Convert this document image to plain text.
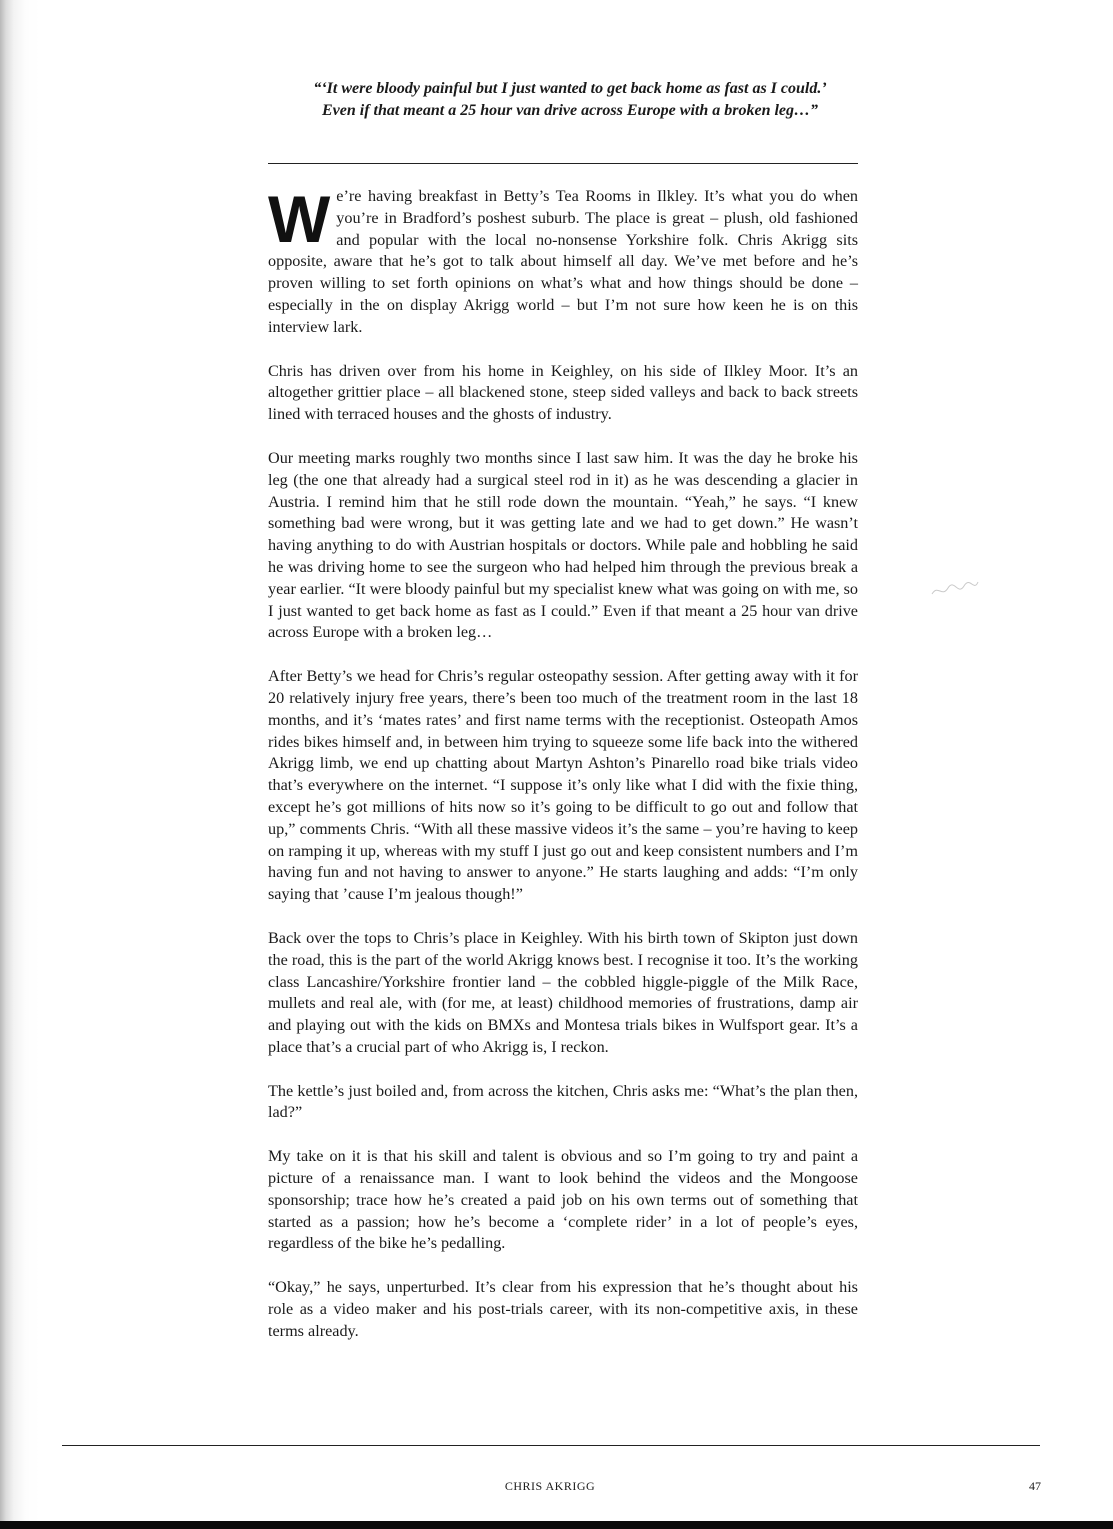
“‘It were bloody painful but I just wanted to get back home as fast as I could.’
Even if that meant a 25 hour van drive across Europe with a broken leg…”

We’re having breakfast in Betty’s Tea Rooms in Ilkley. It’s what you do when you’re in Bradford’s poshest suburb. The place is great – plush, old fashioned and popular with the local no-nonsense Yorkshire folk. Chris Akrigg sits opposite, aware that he’s got to talk about himself all day. We’ve met before and he’s proven willing to set forth opinions on what’s what and how things should be done – especially in the on display Akrigg world – but I’m not sure how keen he is on this interview lark.

Chris has driven over from his home in Keighley, on his side of Ilkley Moor. It’s an altogether grittier place – all blackened stone, steep sided valleys and back to back streets lined with terraced houses and the ghosts of industry.

Our meeting marks roughly two months since I last saw him. It was the day he broke his leg (the one that already had a surgical steel rod in it) as he was descending a glacier in Austria. I remind him that he still rode down the mountain. “Yeah,” he says. “I knew something bad were wrong, but it was getting late and we had to get down.” He wasn’t having anything to do with Austrian hospitals or doctors. While pale and hobbling he said he was driving home to see the surgeon who had helped him through the previous break a year earlier. “It were bloody painful but my specialist knew what was going on with me, so I just wanted to get back home as fast as I could.” Even if that meant a 25 hour van drive across Europe with a broken leg…

After Betty’s we head for Chris’s regular osteopathy session. After getting away with it for 20 relatively injury free years, there’s been too much of the treatment room in the last 18 months, and it’s ‘mates rates’ and first name terms with the receptionist. Osteopath Amos rides bikes himself and, in between him trying to squeeze some life back into the withered Akrigg limb, we end up chatting about Martyn Ashton’s Pinarello road bike trials video that’s everywhere on the internet. “I suppose it’s only like what I did with the fixie thing, except he’s got millions of hits now so it’s going to be difficult to go out and follow that up,” comments Chris. “With all these massive videos it’s the same – you’re having to keep on ramping it up, whereas with my stuff I just go out and keep consistent numbers and I’m having fun and not having to answer to anyone.” He starts laughing and adds: “I’m only saying that ’cause I’m jealous though!”

Back over the tops to Chris’s place in Keighley. With his birth town of Skipton just down the road, this is the part of the world Akrigg knows best. I recognise it too. It’s the working class Lancashire/Yorkshire frontier land – the cobbled higgle-piggle of the Milk Race, mullets and real ale, with (for me, at least) childhood memories of frustrations, damp air and playing out with the kids on BMXs and Montesa trials bikes in Wulfsport gear. It’s a place that’s a crucial part of who Akrigg is, I reckon.

The kettle’s just boiled and, from across the kitchen, Chris asks me: “What’s the plan then, lad?”

My take on it is that his skill and talent is obvious and so I’m going to try and paint a picture of a renaissance man. I want to look behind the videos and the Mongoose sponsorship; trace how he’s created a paid job on his own terms out of something that started as a passion; how he’s become a ‘complete rider’ in a lot of people’s eyes, regardless of the bike he’s pedalling.

“Okay,” he says, unperturbed. It’s clear from his expression that he’s thought about his role as a video maker and his post-trials career, with its non-competitive axis, in these terms already.

CHRIS AKRIGG	47
